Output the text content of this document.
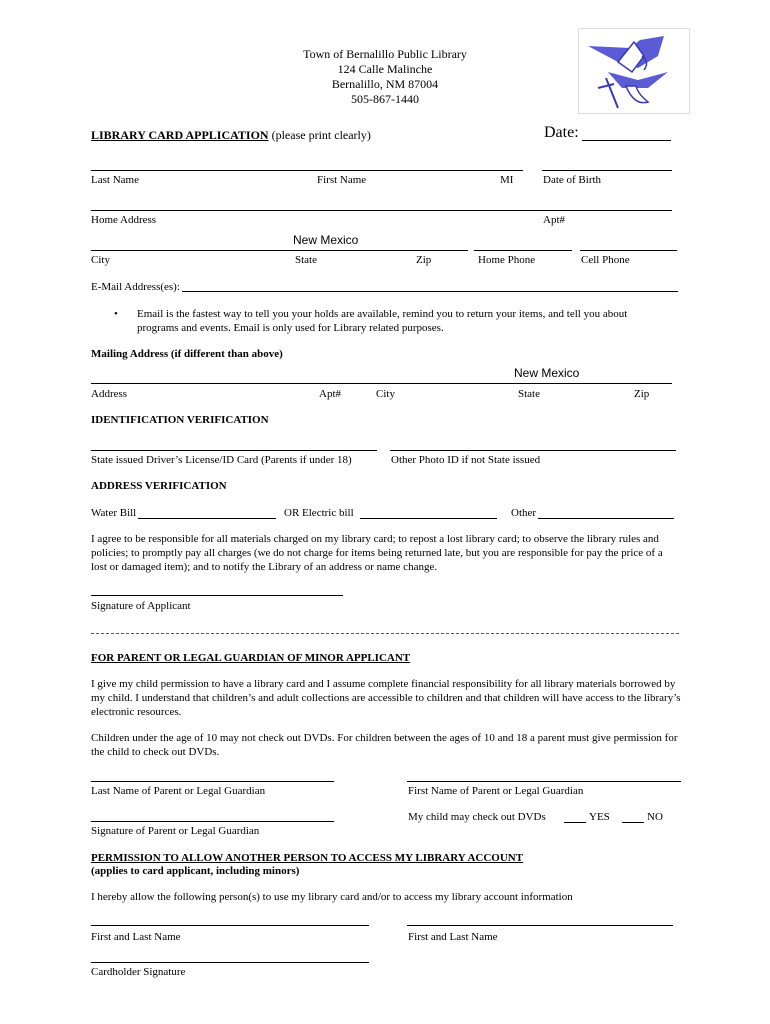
Town of Bernalillo Public Library
124 Calle Malinche
Bernalillo, NM 87004
505-867-1440
LIBRARY CARD APPLICATION (please print clearly)	Date:
Last Name	First Name	MI	Date of Birth
Home Address	Apt#
New Mexico
City	State	Zip	Home Phone	Cell Phone
E-Mail Address(es):
• Email is the fastest way to tell you your holds are available, remind you to return your items, and tell you about programs and events. Email is only used for Library related purposes.
Mailing Address (if different than above)
New Mexico
Address	Apt#	City	State	Zip
IDENTIFICATION VERIFICATION
State issued Driver’s License/ID Card (Parents if under 18)	Other Photo ID if not State issued
ADDRESS VERIFICATION
Water Bill	OR Electric bill	Other
I agree to be responsible for all materials charged on my library card; to repost a lost library card; to observe the library rules and policies; to promptly pay all charges (we do not charge for items being returned late, but you are responsible for pay the price of a lost or damaged item); and to notify the Library of an address or name change.
Signature of Applicant
FOR PARENT OR LEGAL GUARDIAN OF MINOR APPLICANT
I give my child permission to have a library card and I assume complete financial responsibility for all library materials borrowed by my child. I understand that children’s and adult collections are accessible to children and that children will have access to the library’s electronic resources.
Children under the age of 10 may not check out DVDs. For children between the ages of 10 and 18 a parent must give permission for the child to check out DVDs.
Last Name of Parent or Legal Guardian	First Name of Parent or Legal Guardian
My child may check out DVDs	YES	NO
Signature of Parent or Legal Guardian
PERMISSION TO ALLOW ANOTHER PERSON TO ACCESS MY LIBRARY ACCOUNT
(applies to card applicant, including minors)
I hereby allow the following person(s) to use my library card and/or to access my library account information
First and Last Name	First and Last Name
Cardholder Signature
